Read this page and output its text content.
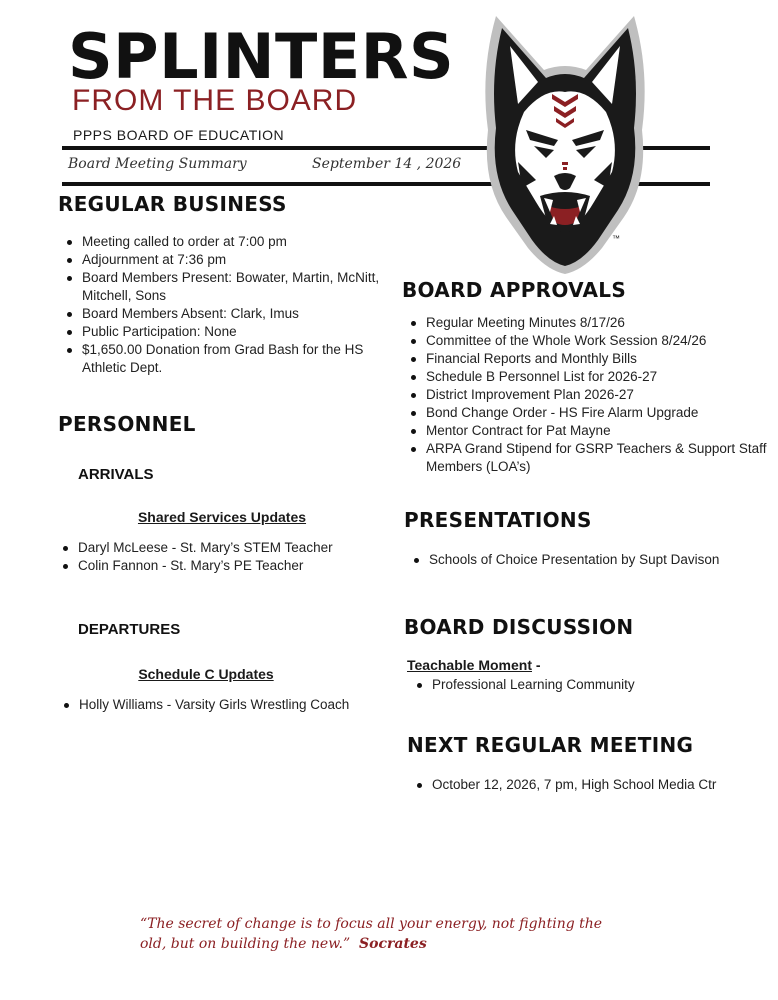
SPLINTERS
FROM THE BOARD
PPPS BOARD OF EDUCATION
Board Meeting Summary	September 14 , 2026
™
REGULAR BUSINESS
Meeting called to order at 7:00 pm
Adjournment at 7:36 pm
Board Members Present: Bowater, Martin, McNitt, Mitchell, Sons
Board Members Absent: Clark, Imus
Public Participation: None
$1,650.00 Donation from Grad Bash for the HS Athletic Dept.
PERSONNEL
ARRIVALS
Shared Services Updates
Daryl McLeese - St. Mary’s STEM Teacher
Colin Fannon - St. Mary’s PE Teacher
DEPARTURES
Schedule C Updates
Holly Williams - Varsity Girls Wrestling Coach
BOARD APPROVALS
Regular Meeting Minutes 8/17/26
Committee of the Whole Work Session 8/24/26
Financial Reports and Monthly Bills
Schedule B Personnel List for 2026-27
District Improvement Plan 2026-27
Bond Change Order - HS Fire Alarm Upgrade
Mentor Contract for Pat Mayne
ARPA Grand Stipend for GSRP Teachers & Support Staff Members (LOA’s)
PRESENTATIONS
Schools of Choice Presentation by Supt Davison
BOARD DISCUSSION
Teachable Moment -
Professional Learning Community
NEXT REGULAR MEETING
October 12, 2026, 7 pm, High School Media Ctr
“The secret of change is to focus all your energy, not fighting the old, but on building the new.” Socrates
